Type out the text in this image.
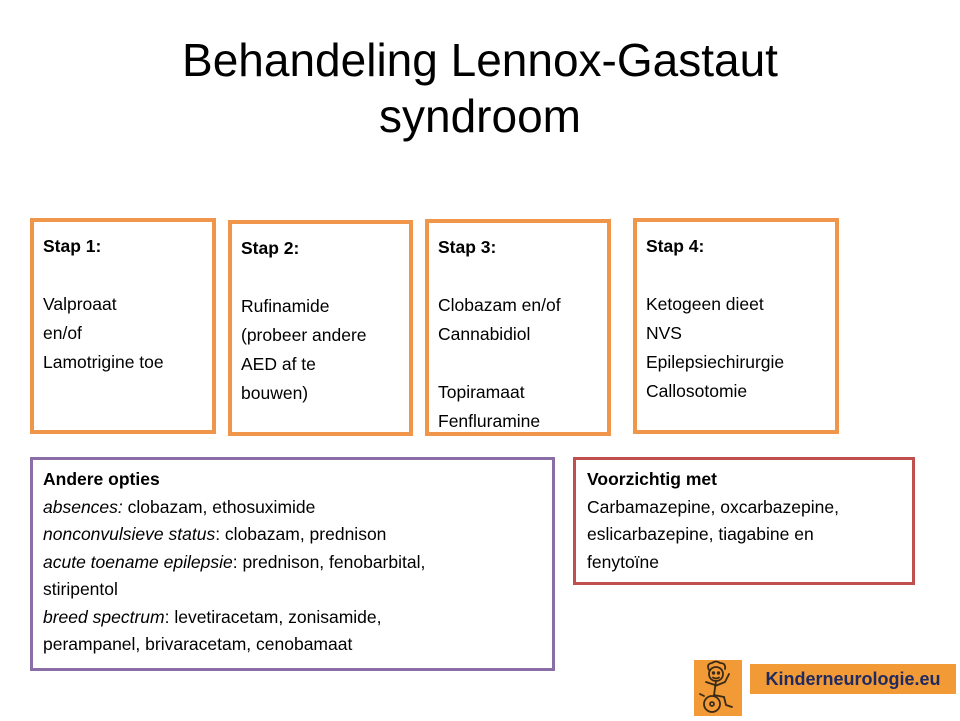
Behandeling Lennox-Gastaut
syndroom
Stap 1:
Valproaat
en/of
Lamotrigine toe
Stap 2:
Rufinamide
(probeer andere
AED af te
bouwen)
Stap 3:
Clobazam en/of
Cannabidiol
Topiramaat
Fenfluramine
Stap 4:
Ketogeen dieet
NVS
Epilepsiechirurgie
Callosotomie
Andere opties
absences: clobazam, ethosuximide
nonconvulsieve status: clobazam, prednison
acute toename epilepsie: prednison, fenobarbital,
stiripentol
breed spectrum: levetiracetam, zonisamide,
perampanel, brivaracetam, cenobamaat
Voorzichtig met
Carbamazepine, oxcarbazepine,
eslicarbazepine, tiagabine en
fenytoïne
Kinderneurologie.eu
